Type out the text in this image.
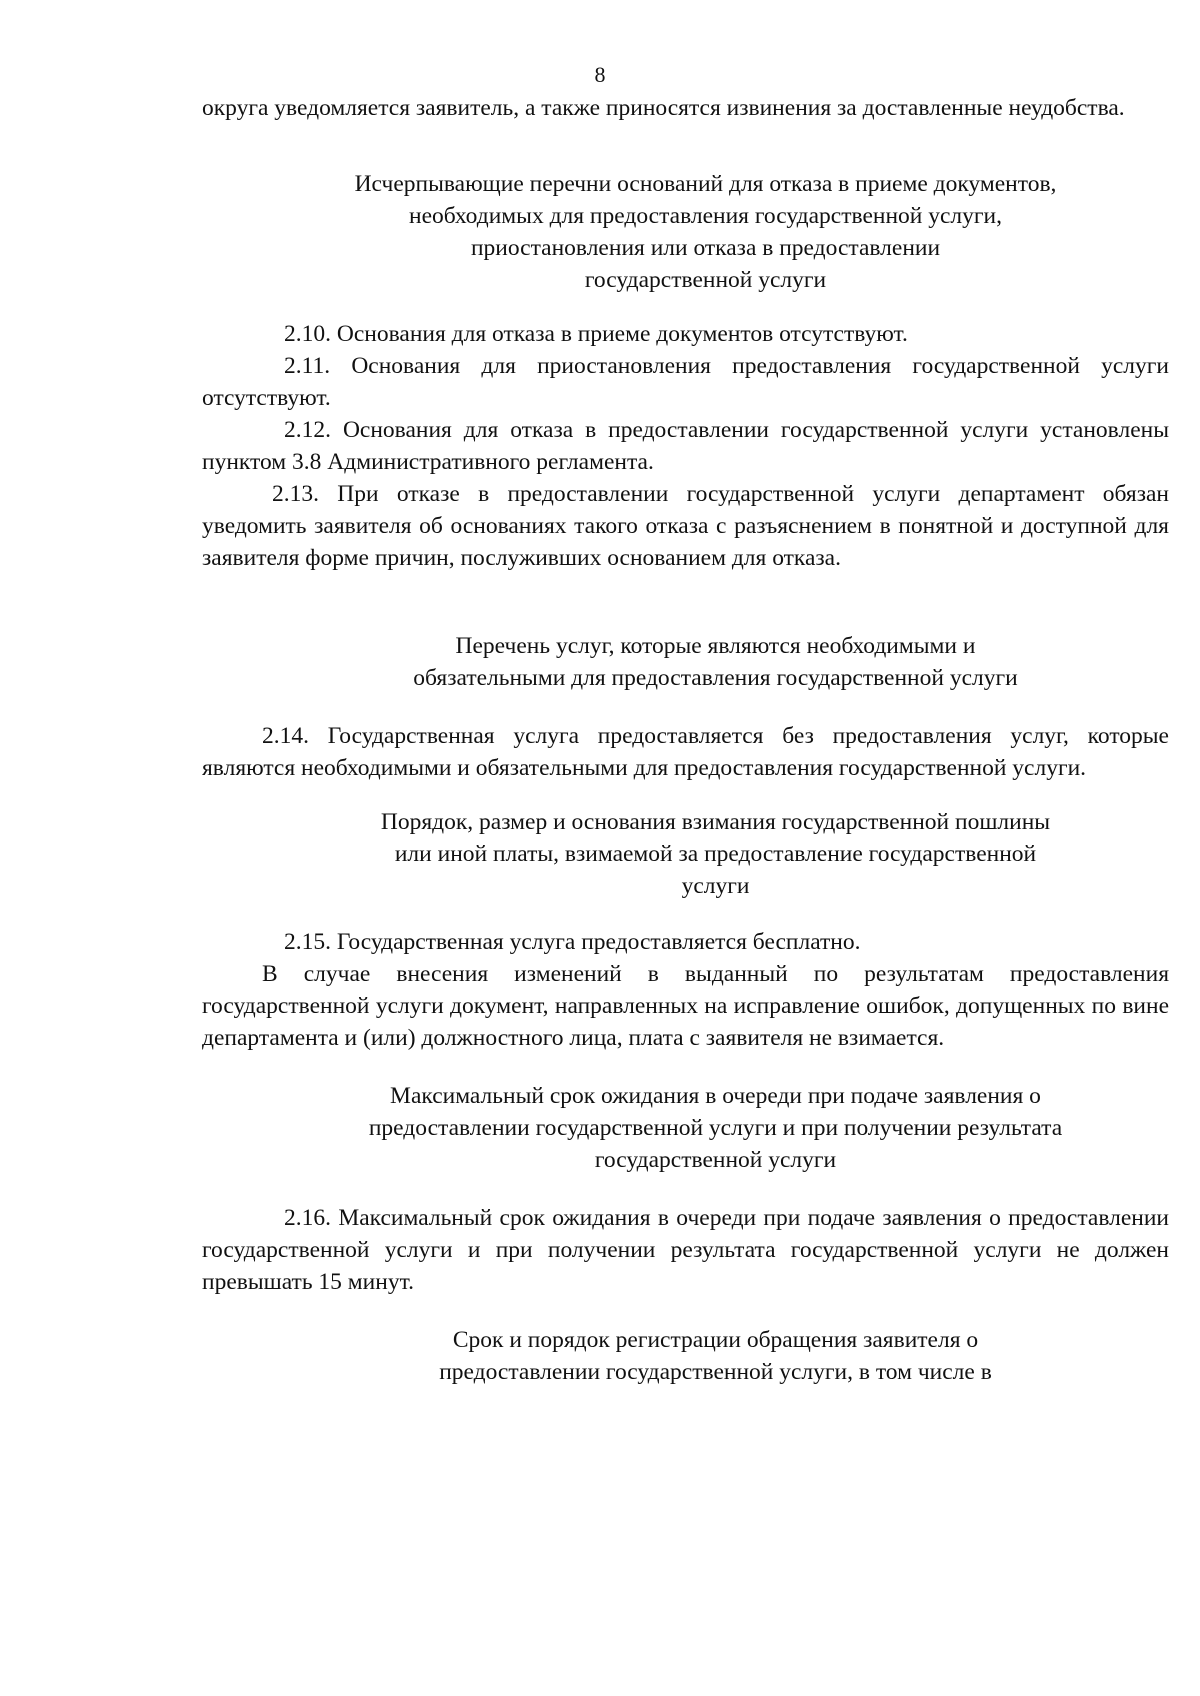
8

округа уведомляется заявитель, а также приносятся извинения за доставленные неудобства.

Исчерпывающие перечни оснований для отказа в приеме документов,
необходимых для предоставления государственной услуги,
приостановления или отказа в предоставлении
государственной услуги

2.10. Основания для отказа в приеме документов отсутствуют.

2.11. Основания для приостановления предоставления государственной услуги отсутствуют.

2.12. Основания для отказа в предоставлении государственной услуги установлены пунктом 3.8 Административного регламента.

2.13. При отказе в предоставлении государственной услуги департамент обязан уведомить заявителя об основаниях такого отказа с разъяснением в понятной и доступной для заявителя форме причин, послуживших основанием для отказа.

Перечень услуг, которые являются необходимыми и
обязательными для предоставления государственной услуги

2.14. Государственная услуга предоставляется без предоставления услуг, которые являются необходимыми и обязательными для предоставления государственной услуги.

Порядок, размер и основания взимания государственной пошлины
или иной платы, взимаемой за предоставление государственной
услуги

2.15. Государственная услуга предоставляется бесплатно.

В случае внесения изменений в выданный по результатам предоставления государственной услуги документ, направленных на исправление ошибок, допущенных по вине департамента и (или) должностного лица, плата с заявителя не взимается.

Максимальный срок ожидания в очереди при подаче заявления о
предоставлении государственной услуги и при получении результата
государственной услуги

2.16. Максимальный срок ожидания в очереди при подаче заявления о предоставлении государственной услуги и при получении результата государственной услуги не должен превышать 15 минут.

Срок и порядок регистрации обращения заявителя о
предоставлении государственной услуги, в том числе в
